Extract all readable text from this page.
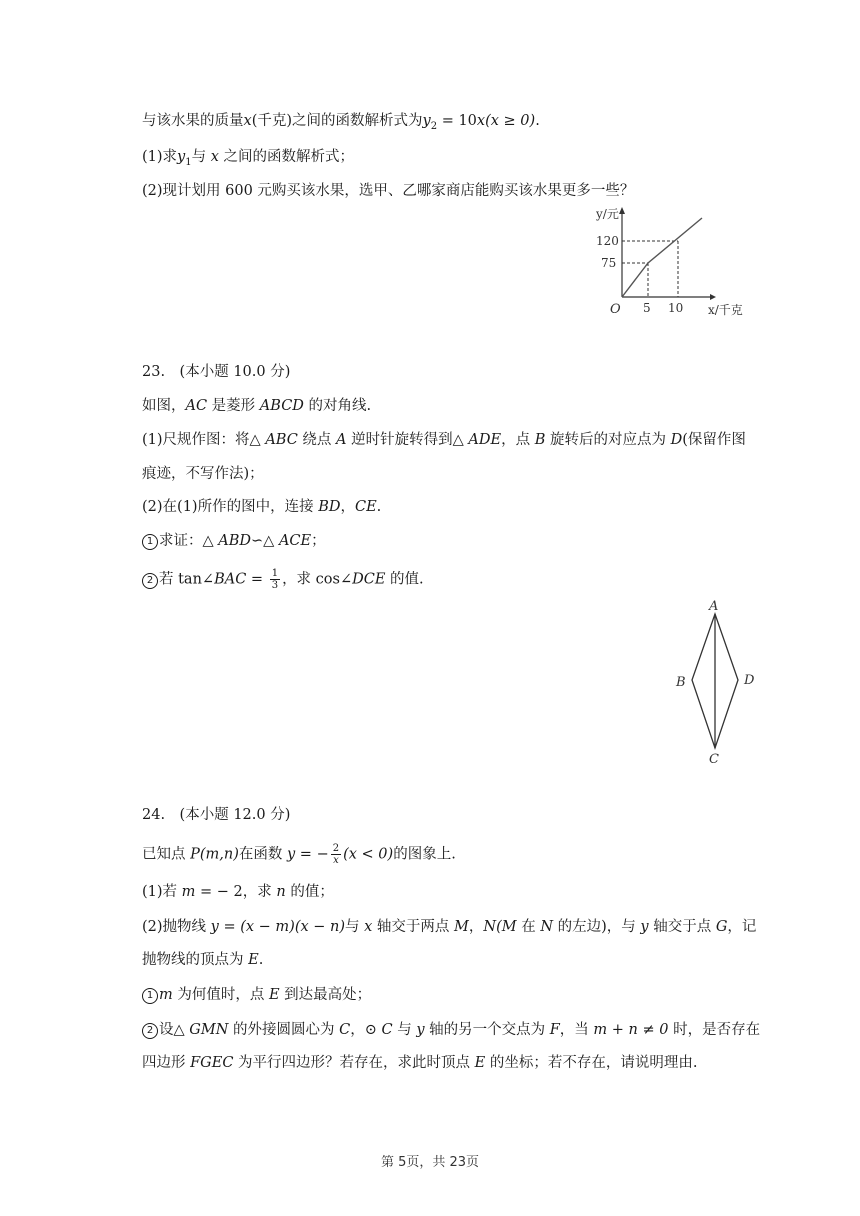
与该水果的质量x(千克)之间的函数解析式为$y_2 = 10x(x \ge 0)$.
(1)求$y_1$与 x 之间的函数解析式；
(2)现计划用 600 元购买该水果，选甲、乙哪家商店能购买该水果更多一些？
y/元
120
75
O 5 10 x/千克
23.　(本小题 10.0 分)
如图，AC 是菱形 ABCD 的对角线.
(1)尺规作图：将△ ABC 绕点 A 逆时针旋转得到△ ADE，点 B 旋转后的对应点为 D(保留作图
痕迹，不写作法)；
(2)在(1)所作的图中，连接 BD，CE.
1 求证：△ ABD∽△ ACE；
2 若 tan∠BAC = $\frac{1}{3}$ ，求 cos∠DCE 的值.
A
B	D
C
24.　(本小题 12.0 分)
已知点 P(m,n)在函数 y = − $\frac{2}{x} (x < 0)$的图象上.
(1)若 m = − 2，求 n 的值；
(2)抛物线 y = (x − m)(x − n)与 x 轴交于两点 M，N(M 在 N 的左边)，与 y 轴交于点 G，记
抛物线的顶点为 E.
1 m 为何值时，点 E 到达最高处；
2 设△ GMN 的外接圆圆心为 C，⊙ C 与 y 轴的另一个交点为 F，当 m + n ≠ 0 时，是否存在
四边形 FGEC 为平行四边形？若存在，求此时顶点 E 的坐标；若不存在，请说明理由.
第 5页，共 23页
